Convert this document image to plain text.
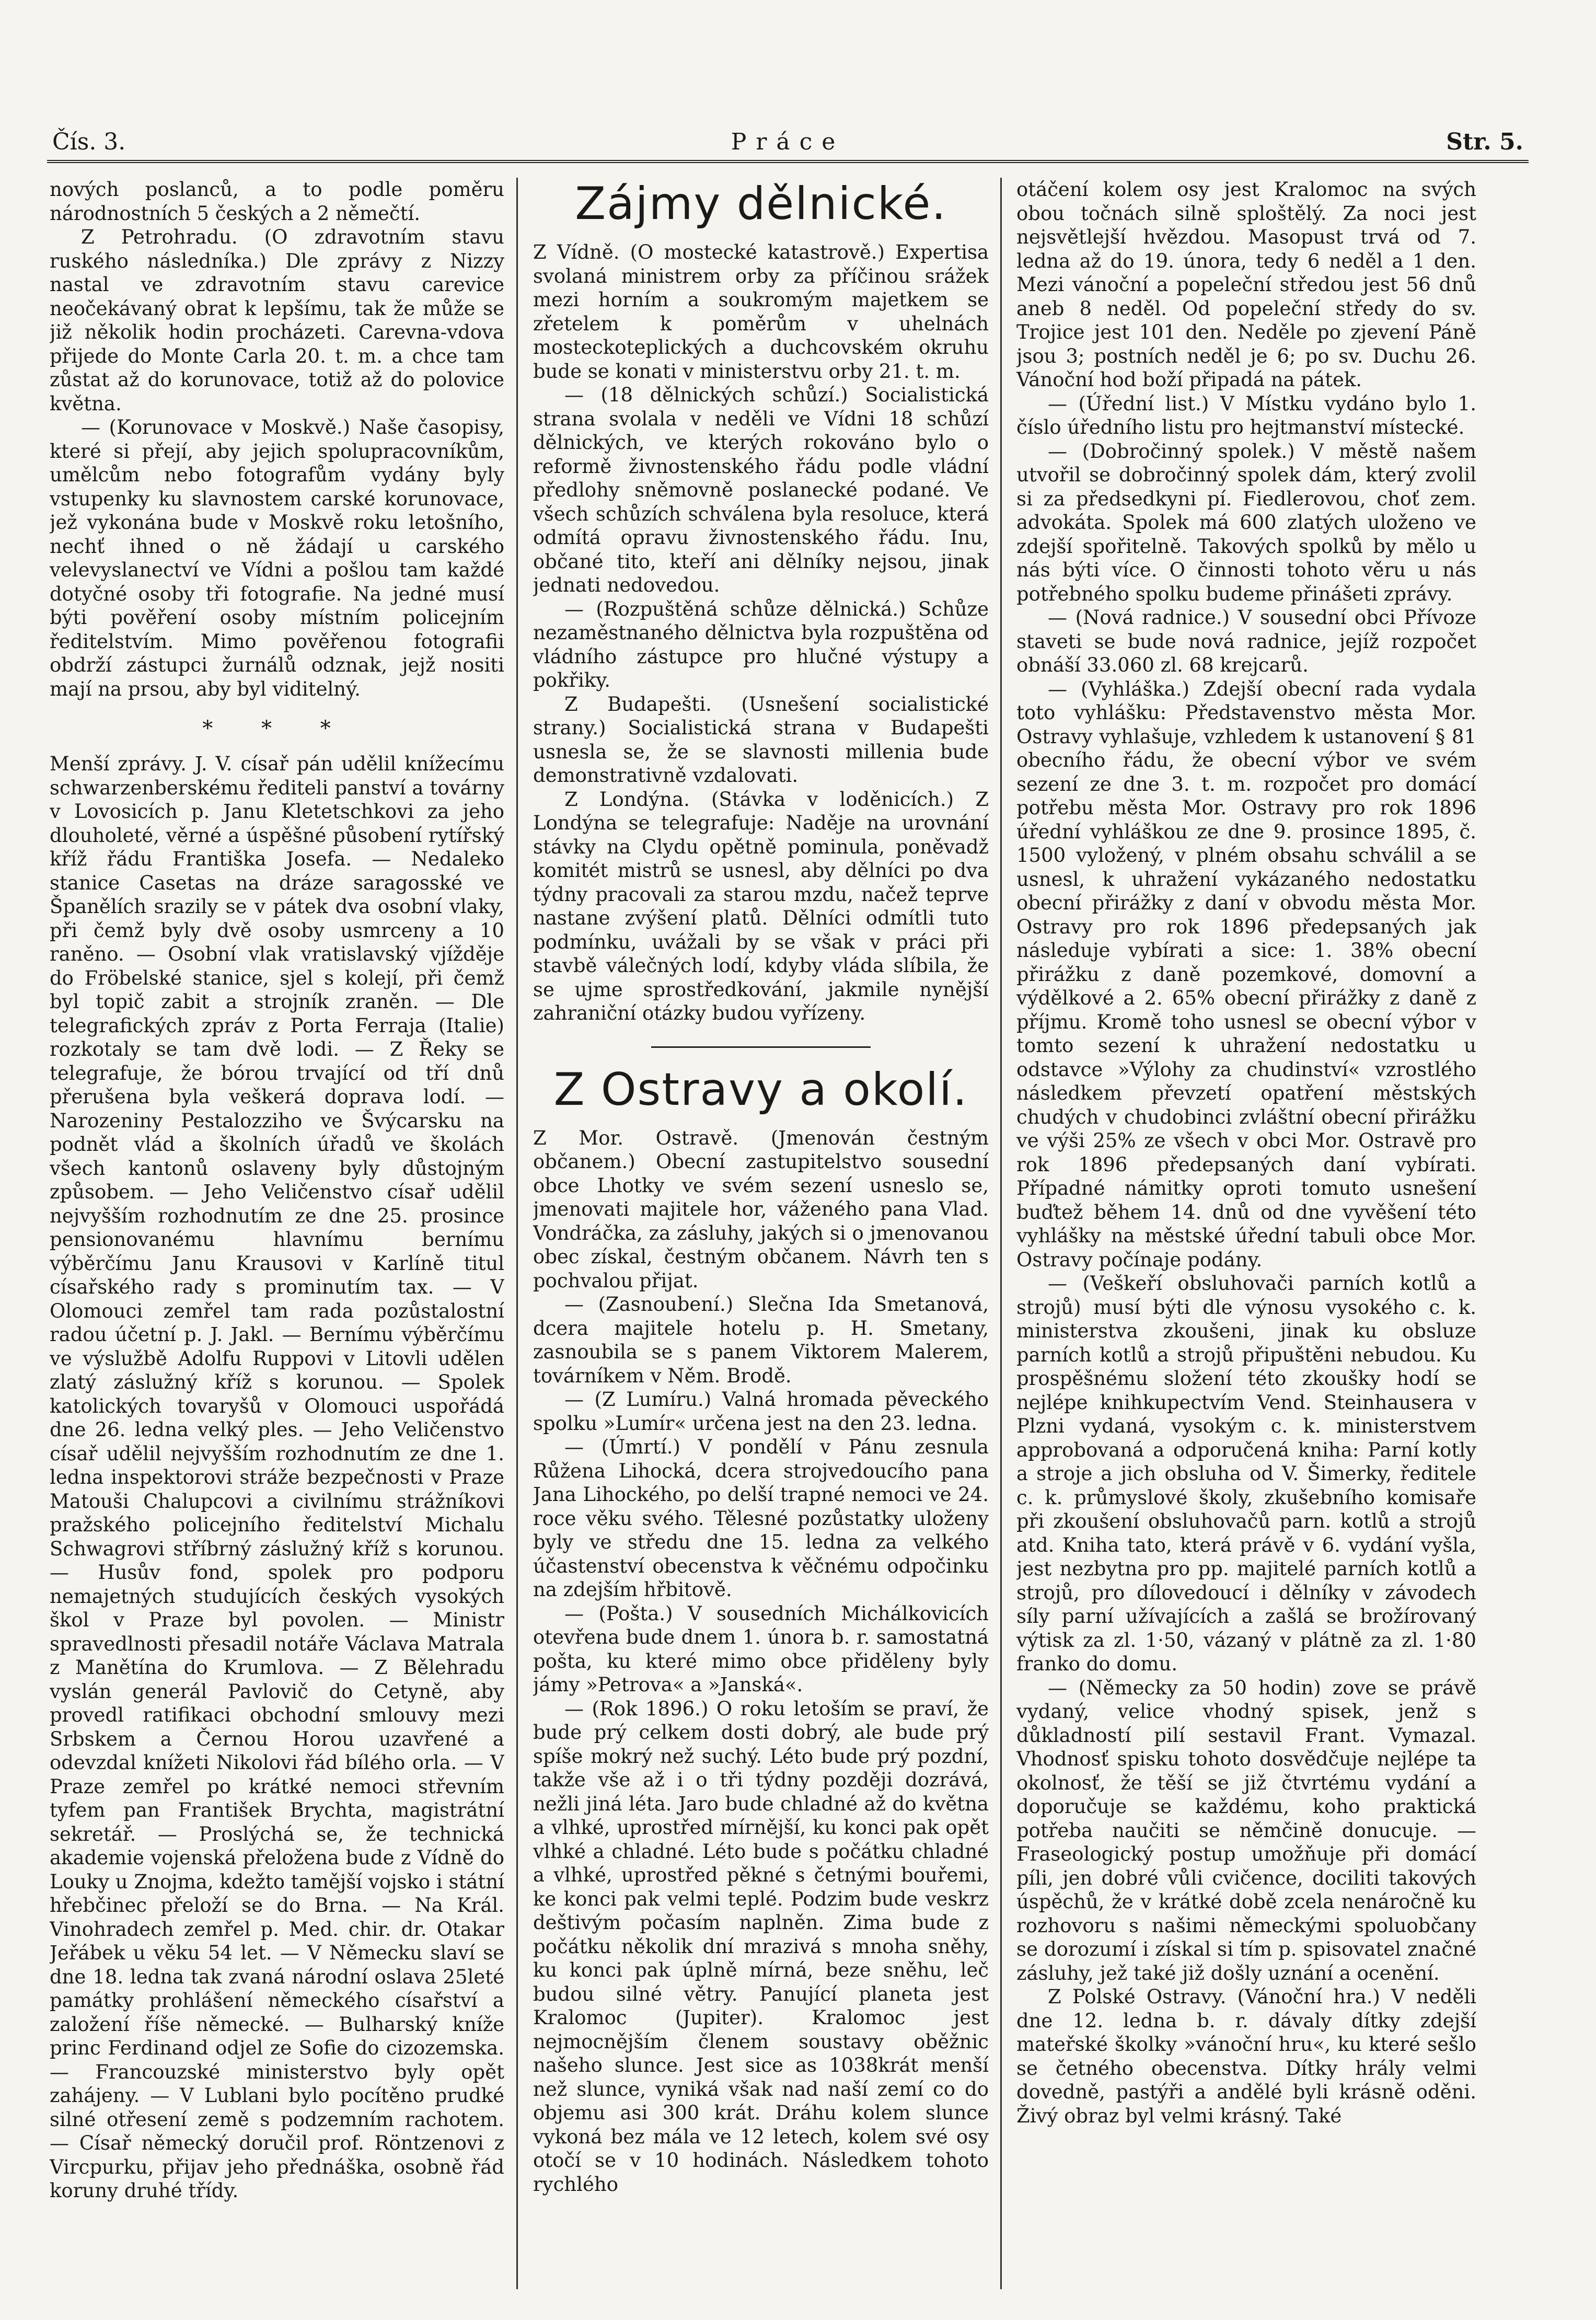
Čís. 3.	Práce	Str. 5.

nových poslanců, a to podle poměru národnostních 5 českých a 2 němečtí.

Z Petrohradu. (O zdravotním stavu ruského následníka.) Dle zprávy z Nizzy nastal ve zdravotním stavu carevice neočekávaný obrat k lepšímu, tak že může se již několik hodin procházeti. Carevna-vdova přijede do Monte Carla 20. t. m. a chce tam zůstat až do korunovace, totiž až do polovice května.

— (Korunovace v Moskvě.) Naše časopisy, které si přejí, aby jejich spolupracovníkům, umělcům nebo fotografům vydány byly vstupenky ku slavnostem carské korunovace, jež vykonána bude v Moskvě roku letošního, nechť ihned o ně žádají u carského velevyslanectví ve Vídni a pošlou tam každé dotyčné osoby tři fotografie. Na jedné musí býti pověření osoby místním policejním ředitelstvím. Mimo pověřenou fotografii obdrží zástupci žurnálů odznak, jejž nositi mají na prsou, aby byl viditelný.

* * *

Menší zprávy. J. V. císař pán udělil knížecímu schwarzenberskému řediteli panství a továrny v Lovosicích p. Janu Kletetschkovi za jeho dlouholeté, věrné a úspěšné působení rytířský kříž řádu Františka Josefa. — Nedaleko stanice Casetas na dráze saragosské ve Španělích srazily se v pátek dva osobní vlaky, při čemž byly dvě osoby usmrceny a 10 raněno. — Osobní vlak vratislavský vjížděje do Fröbelské stanice, sjel s kolejí, při čemž byl topič zabit a strojník zraněn. — Dle telegrafických zpráv z Porta Ferraja (Italie) rozkotaly se tam dvě lodi. — Z Řeky se telegrafuje, že bórou trvající od tří dnů přerušena byla veškerá doprava lodí. — Narozeniny Pestalozziho ve Švýcarsku na podnět vlád a školních úřadů ve školách všech kantonů oslaveny byly důstojným způsobem. — Jeho Veličenstvo císař udělil nejvyšším rozhodnutím ze dne 25. prosince pensionovanému hlavnímu bernímu výběrčímu Janu Krausovi v Karlíně titul císařského rady s prominutím tax. — V Olomouci zemřel tam rada pozůstalostní radou účetní p. J. Jakl. — Bernímu výběrčímu ve výslužbě Adolfu Ruppovi v Litovli udělen zlatý záslužný kříž s korunou. — Spolek katolických tovaryšů v Olomouci uspořádá dne 26. ledna velký ples. — Jeho Veličenstvo císař udělil nejvyšším rozhodnutím ze dne 1. ledna inspektorovi stráže bezpečnosti v Praze Matouši Chalupcovi a civilnímu strážníkovi pražského policejního ředitelství Michalu Schwagrovi stříbrný záslužný kříž s korunou. — Husův fond, spolek pro podporu nemajetných studujících českých vysokých škol v Praze byl povolen. — Ministr spravedlnosti přesadil notáře Václava Matrala z Manětína do Krumlova. — Z Bělehradu vyslán generál Pavlovič do Cetyně, aby provedl ratifikaci obchodní smlouvy mezi Srbskem a Černou Horou uzavřené a odevzdal knížeti Nikolovi řád bílého orla. — V Praze zemřel po krátké nemoci střevním tyfem pan František Brychta, magistrátní sekretář. — Proslýchá se, že technická akademie vojenská přeložena bude z Vídně do Louky u Znojma, kdežto tamější vojsko i státní hřebčinec přeloží se do Brna. — Na Král. Vinohradech zemřel p. Med. chir. dr. Otakar Jeřábek u věku 54 let. — V Německu slaví se dne 18. ledna tak zvaná národní oslava 25leté památky prohlášení německého císařství a založení říše německé. — Bulharský kníže princ Ferdinand odjel ze Sofie do cizozemska. — Francouzské ministerstvo byly opět zahájeny. — V Lublani bylo pocítěno prudké silné otřesení země s podzemním rachotem. — Císař německý doručil prof. Röntzenovi z Vircpurku, přijav jeho přednáška, osobně řád koruny druhé třídy.

Zájmy dělnické.

Z Vídně. (O mostecké katastrově.) Expertisa svolaná ministrem orby za příčinou srážek mezi horním a soukromým majetkem se zřetelem k poměrům v uhelnách mosteckoteplických a duchcovském okruhu bude se konati v ministerstvu orby 21. t. m.

— (18 dělnických schůzí.) Socialistická strana svolala v neděli ve Vídni 18 schůzí dělnických, ve kterých rokováno bylo o reformě živnostenského řádu podle vládní předlohy sněmovně poslanecké podané. Ve všech schůzích schválena byla resoluce, která odmítá opravu živnostenského řádu. Inu, občané tito, kteří ani dělníky nejsou, jinak jednati nedovedou.

— (Rozpuštěná schůze dělnická.) Schůze nezaměstnaného dělnictva byla rozpuštěna od vládního zástupce pro hlučné výstupy a pokřiky.

Z Budapešti. (Usnešení socialistické strany.) Socialistická strana v Budapešti usnesla se, že se slavnosti millenia bude demonstrativně vzdalovati.

Z Londýna. (Stávka v loděnicích.) Z Londýna se telegrafuje: Naděje na urovnání stávky na Clydu opětně pominula, poněvadž komitét mistrů se usnesl, aby dělníci po dva týdny pracovali za starou mzdu, načež teprve nastane zvýšení platů. Dělníci odmítli tuto podmínku, uvážali by se však v práci při stavbě válečných lodí, kdyby vláda slíbila, že se ujme sprostředkování, jakmile nynější zahraniční otázky budou vyřízeny.

Z Ostravy a okolí.

Z Mor. Ostravě. (Jmenován čestným občanem.) Obecní zastupitelstvo sousední obce Lhotky ve svém sezení usneslo se, jmenovati majitele hor, váženého pana Vlad. Vondráčka, za zásluhy, jakých si o jmenovanou obec získal, čestným občanem. Návrh ten s pochvalou přijat.

— (Zasnoubení.) Slečna Ida Smetanová, dcera majitele hotelu p. H. Smetany, zasnoubila se s panem Viktorem Malerem, továrníkem v Něm. Brodě.

— (Z Lumíru.) Valná hromada pěveckého spolku »Lumír« určena jest na den 23. ledna.

— (Úmrtí.) V pondělí v Pánu zesnula Růžena Lihocká, dcera strojvedoucího pana Jana Lihockého, po delší trapné nemoci ve 24. roce věku svého. Tělesné pozůstatky uloženy byly ve středu dne 15. ledna za velkého účastenství obecenstva k věčnému odpočinku na zdejším hřbitově.

— (Pošta.) V sousedních Michálkovicích otevřena bude dnem 1. února b. r. samostatná pošta, ku které mimo obce přiděleny byly jámy »Petrova« a »Janská«.

— (Rok 1896.) O roku letoším se praví, že bude prý celkem dosti dobrý, ale bude prý spíše mokrý než suchý. Léto bude prý pozdní, takže vše až i o tři týdny později dozrává, nežli jiná léta. Jaro bude chladné až do května a vlhké, uprostřed mírnější, ku konci pak opět vlhké a chladné. Léto bude s počátku chladné a vlhké, uprostřed pěkné s četnými bouřemi, ke konci pak velmi teplé. Podzim bude veskrz deštivým počasím naplněn. Zima bude z počátku několik dní mrazivá s mnoha sněhy, ku konci pak úplně mírná, beze sněhu, leč budou silné větry. Panující planeta jest Kralomoc (Jupiter). Kralomoc jest nejmocnějším členem soustavy oběžnic našeho slunce. Jest sice as 1038krát menší než slunce, vyniká však nad naší zemí co do objemu asi 300 krát. Dráhu kolem slunce vykoná bez mála ve 12 letech, kolem své osy otočí se v 10 hodinách. Následkem tohoto rychlého

otáčení kolem osy jest Kralomoc na svých obou točnách silně sploštělý. Za noci jest nejsvětlejší hvězdou. Masopust trvá od 7. ledna až do 19. února, tedy 6 neděl a 1 den. Mezi vánoční a popeleční středou jest 56 dnů aneb 8 neděl. Od popeleční středy do sv. Trojice jest 101 den. Neděle po zjevení Páně jsou 3; postních neděl je 6; po sv. Duchu 26. Vánoční hod boží připadá na pátek.

— (Úřední list.) V Místku vydáno bylo 1. číslo úředního listu pro hejtmanství místecké.

— (Dobročinný spolek.) V městě našem utvořil se dobročinný spolek dám, který zvolil si za předsedkyni pí. Fiedlerovou, choť zem. advokáta. Spolek má 600 zlatých uloženo ve zdejší spořitelně. Takových spolků by mělo u nás býti více. O činnosti tohoto věru u nás potřebného spolku budeme přinášeti zprávy.

— (Nová radnice.) V sousední obci Přívoze staveti se bude nová radnice, jejíž rozpočet obnáší 33.060 zl. 68 krejcarů.

— (Vyhláška.) Zdejší obecní rada vydala toto vyhlášku: Představenstvo města Mor. Ostravy vyhlašuje, vzhledem k ustanovení § 81 obecního řádu, že obecní výbor ve svém sezení ze dne 3. t. m. rozpočet pro domácí potřebu města Mor. Ostravy pro rok 1896 úřední vyhláškou ze dne 9. prosince 1895, č. 1500 vyložený, v plném obsahu schválil a se usnesl, k uhražení vykázaného nedostatku obecní přirážky z daní v obvodu města Mor. Ostravy pro rok 1896 předepsaných jak následuje vybírati a sice: 1. 38% obecní přirážku z daně pozemkové, domovní a výdělkové a 2. 65% obecní přirážky z daně z příjmu. Kromě toho usnesl se obecní výbor v tomto sezení k uhražení nedostatku u odstavce »Výlohy za chudinství« vzrostlého následkem převzetí opatření městských chudých v chudobinci zvláštní obecní přirážku ve výši 25% ze všech v obci Mor. Ostravě pro rok 1896 předepsaných daní vybírati. Případné námitky oproti tomuto usnešení buďtež během 14. dnů od dne vyvěšení této vyhlášky na městské úřední tabuli obce Mor. Ostravy počínaje podány.

— (Veškeří obsluhovači parních kotlů a strojů) musí býti dle výnosu vysokého c. k. ministerstva zkoušeni, jinak ku obsluze parních kotlů a strojů připuštěni nebudou. Ku prospěšnému složení této zkoušky hodí se nejlépe knihkupectvím Vend. Steinhausera v Plzni vydaná, vysokým c. k. ministerstvem approbovaná a odporučená kniha: Parní kotly a stroje a jich obsluha od V. Šimerky, ředitele c. k. průmyslové školy, zkušebního komisaře při zkoušení obsluhovačů parn. kotlů a strojů atd. Kniha tato, která právě v 6. vydání vyšla, jest nezbytna pro pp. majitelé parních kotlů a strojů, pro dílovedoucí i dělníky v závodech síly parní užívajících a zašlá se brožírovaný výtisk za zl. 1·50, vázaný v plátně za zl. 1·80 franko do domu.

— (Německy za 50 hodin) zove se právě vydaný, velice vhodný spisek, jenž s důkladností pilí sestavil Frant. Vymazal. Vhodnosť spisku tohoto dosvědčuje nejlépe ta okolnosť, že těší se již čtvrtému vydání a doporučuje se každému, koho praktická potřeba naučiti se němčině donucuje. — Fraseologický postup umožňuje při domácí píli, jen dobré vůli cvičence, dociliti takových úspěchů, že v krátké době zcela nenáročně ku rozhovoru s našimi německými spoluobčany se dorozumí i získal si tím p. spisovatel značné zásluhy, jež také již došly uznání a ocenění.

Z Polské Ostravy. (Vánoční hra.) V neděli dne 12. ledna b. r. dávaly dítky zdejší mateřské školky »vánoční hru«, ku které sešlo se četného obecenstva. Dítky hrály velmi dovedně, pastýři a andělé byli krásně oděni. Živý obraz byl velmi krásný. Také
